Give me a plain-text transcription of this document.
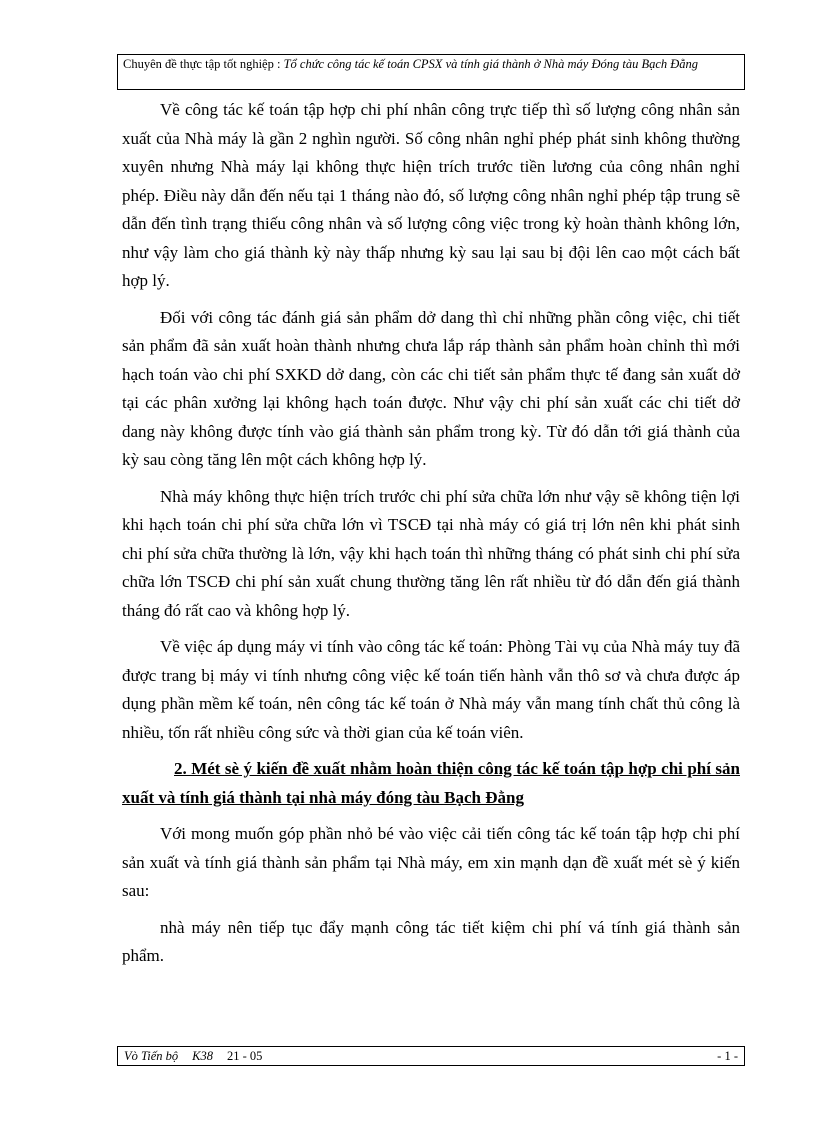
Chuyên đề thực tập tốt nghiệp : Tổ chức công tác kế toán CPSX và tính giá thành ở Nhà máy Đóng tàu Bạch Đằng

Về công tác kế toán tập hợp chi phí nhân công trực tiếp thì số lượng công nhân sản xuất của Nhà máy là gần 2 nghìn người. Số công nhân nghỉ phép phát sinh không thường xuyên nhưng Nhà máy lại không thực hiện trích trước tiền lương của công nhân nghỉ phép. Điều này dẫn đến nếu tại 1 tháng nào đó, số lượng công nhân nghỉ phép tập trung sẽ dẫn đến tình trạng thiếu công nhân và số lượng công việc trong kỳ hoàn thành không lớn, như vậy làm cho giá thành kỳ này thấp nhưng kỳ sau lại sau bị đội lên cao một cách bất hợp lý.

Đối với công tác đánh giá sản phẩm dở dang thì chỉ những phần công việc, chi tiết sản phẩm đã sản xuất hoàn thành nhưng chưa lắp ráp thành sản phẩm hoàn chỉnh thì mới hạch toán vào chi phí SXKD dở dang, còn các chi tiết sản phẩm thực tế đang sản xuất dở tại các phân xưởng lại không hạch toán được. Như vậy chi phí sản xuất các chi tiết dở dang này không được tính vào giá thành sản phẩm trong kỳ. Từ đó dẫn tới giá thành của kỳ sau còng tăng lên một cách không hợp lý.

Nhà máy không thực hiện trích trước chi phí sửa chữa lớn như vậy sẽ không tiện lợi khi hạch toán chi phí sửa chữa lớn vì TSCĐ tại nhà máy có giá trị lớn nên khi phát sinh chi phí sửa chữa thường là lớn, vậy khi hạch toán thì những tháng có phát sinh chi phí sửa chữa lớn TSCĐ chi phí sản xuất chung thường tăng lên rất nhiều từ đó dẫn đến giá thành tháng đó rất cao và không hợp lý.

Về việc áp dụng máy vi tính vào công tác kế toán: Phòng Tài vụ của Nhà máy tuy đã được trang bị máy vi tính nhưng công việc kế toán tiến hành vẫn thô sơ và chưa được áp dụng phần mềm kế toán, nên công tác kế toán ở Nhà máy vẫn mang tính chất thủ công là nhiều, tốn rất nhiều công sức và thời gian của kế toán viên.

2. Mét sè ý kiến đề xuất nhằm hoàn thiện công tác kế toán tập hợp chi phí sản xuất và tính giá thành tại nhà máy đóng tàu Bạch Đằng

Với mong muốn góp phần nhỏ bé vào việc cải tiến công tác kế toán tập hợp chi phí sản xuất và tính giá thành sản phẩm tại Nhà máy, em xin mạnh dạn đề xuất mét sè ý kiến sau:

nhà máy nên tiếp tục đẩy mạnh công tác tiết kiệm chi phí vá tính giá thành sản phẩm.

Vò Tiến bộ K38 21 - 05	- 1 -
